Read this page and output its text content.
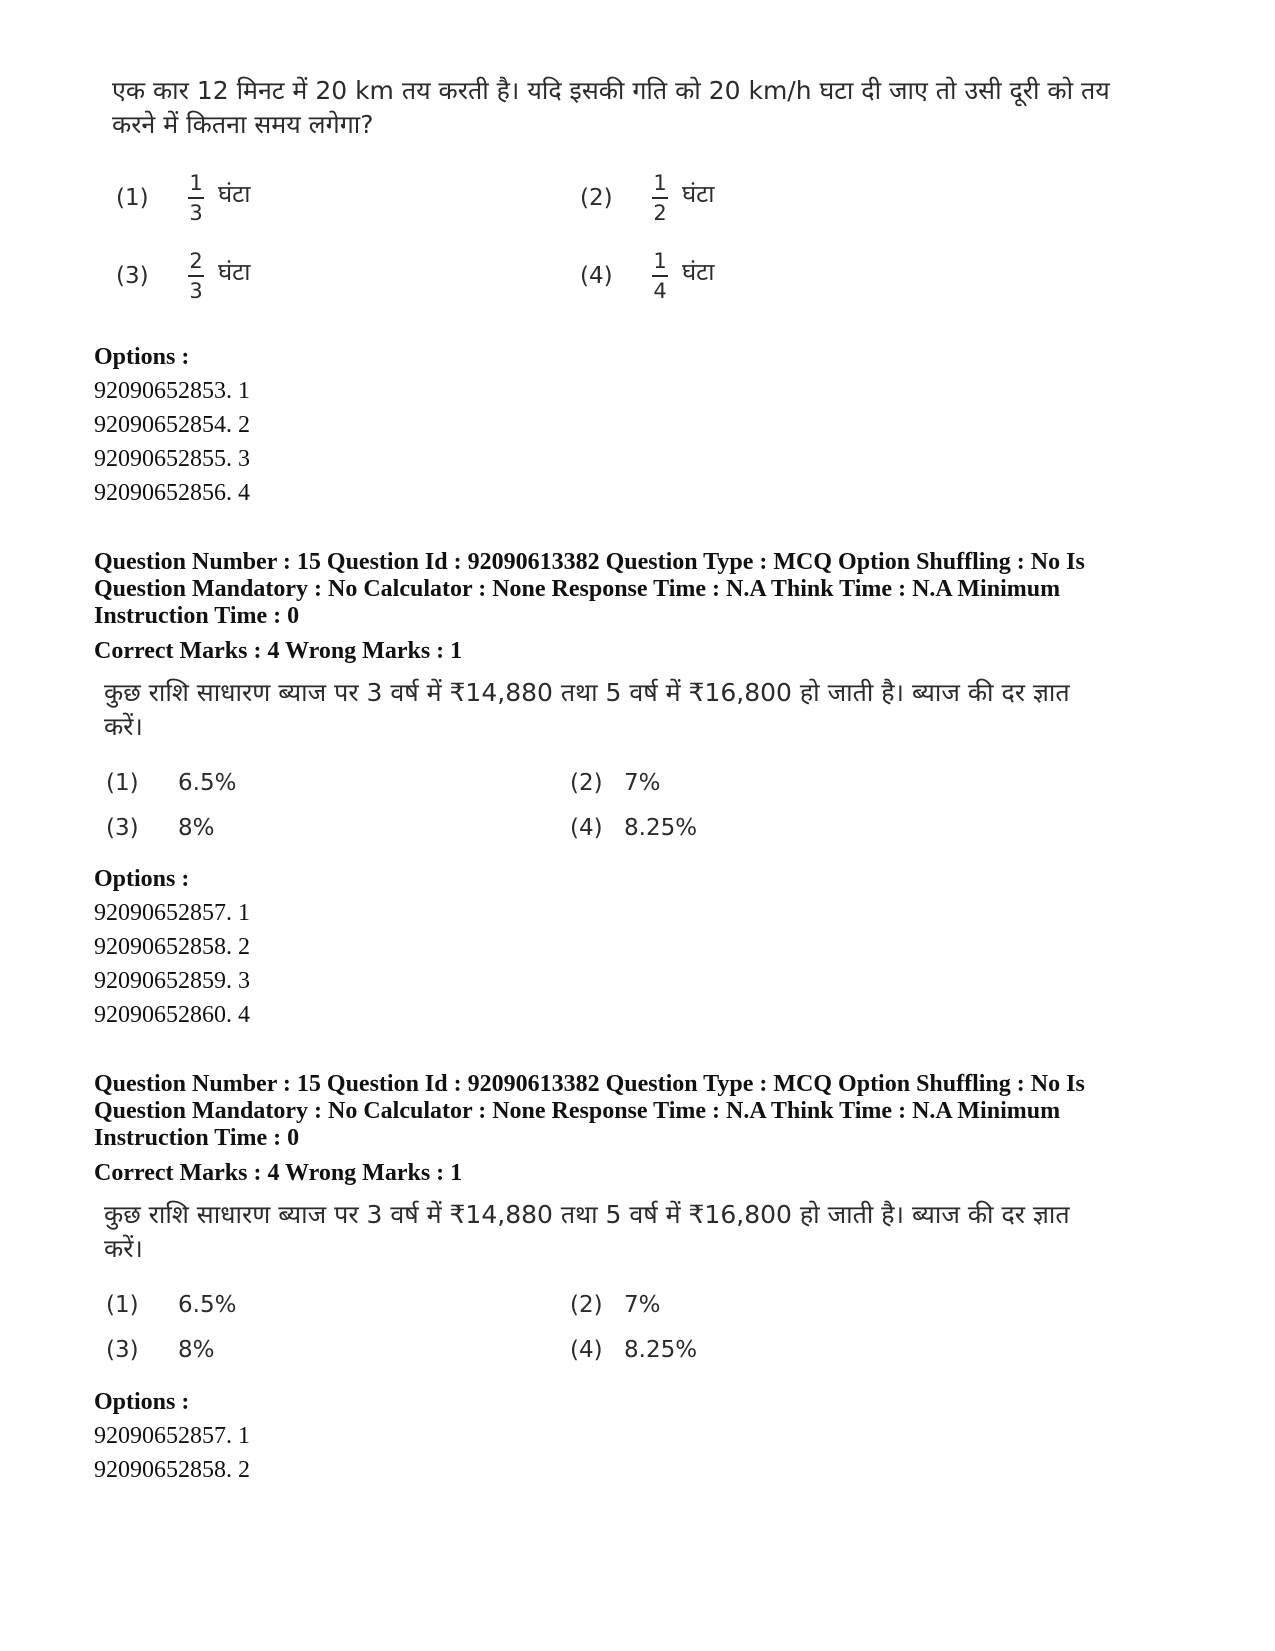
एक कार 12 मिनट में 20 km तय करती है। यदि इसकी गति को 20 km/h घटा दी जाए तो उसी दूरी को तय करने में कितना समय लगेगा?
(1)	$\frac{1}{3}$ घंटा	(2)	$\frac{1}{2}$ घंटा
(3)	$\frac{2}{3}$ घंटा	(4)	$\frac{1}{4}$ घंटा
Options :
92090652853. 1
92090652854. 2
92090652855. 3
92090652856. 4
Question Number : 15 Question Id : 92090613382 Question Type : MCQ Option Shuffling : No Is Question Mandatory : No Calculator : None Response Time : N.A Think Time : N.A Minimum Instruction Time : 0
Correct Marks : 4 Wrong Marks : 1
कुछ राशि साधारण ब्याज पर 3 वर्ष में ₹14,880 तथा 5 वर्ष में ₹16,800 हो जाती है। ब्याज की दर ज्ञात करें।
(1)	6.5%	(2) 7%
(3)	8%	(4) 8.25%
Options :
92090652857. 1
92090652858. 2
92090652859. 3
92090652860. 4
Question Number : 15 Question Id : 92090613382 Question Type : MCQ Option Shuffling : No Is Question Mandatory : No Calculator : None Response Time : N.A Think Time : N.A Minimum Instruction Time : 0
Correct Marks : 4 Wrong Marks : 1
कुछ राशि साधारण ब्याज पर 3 वर्ष में ₹14,880 तथा 5 वर्ष में ₹16,800 हो जाती है। ब्याज की दर ज्ञात करें।
(1)	6.5%	(2) 7%
(3)	8%	(4) 8.25%
Options :
92090652857. 1
92090652858. 2
